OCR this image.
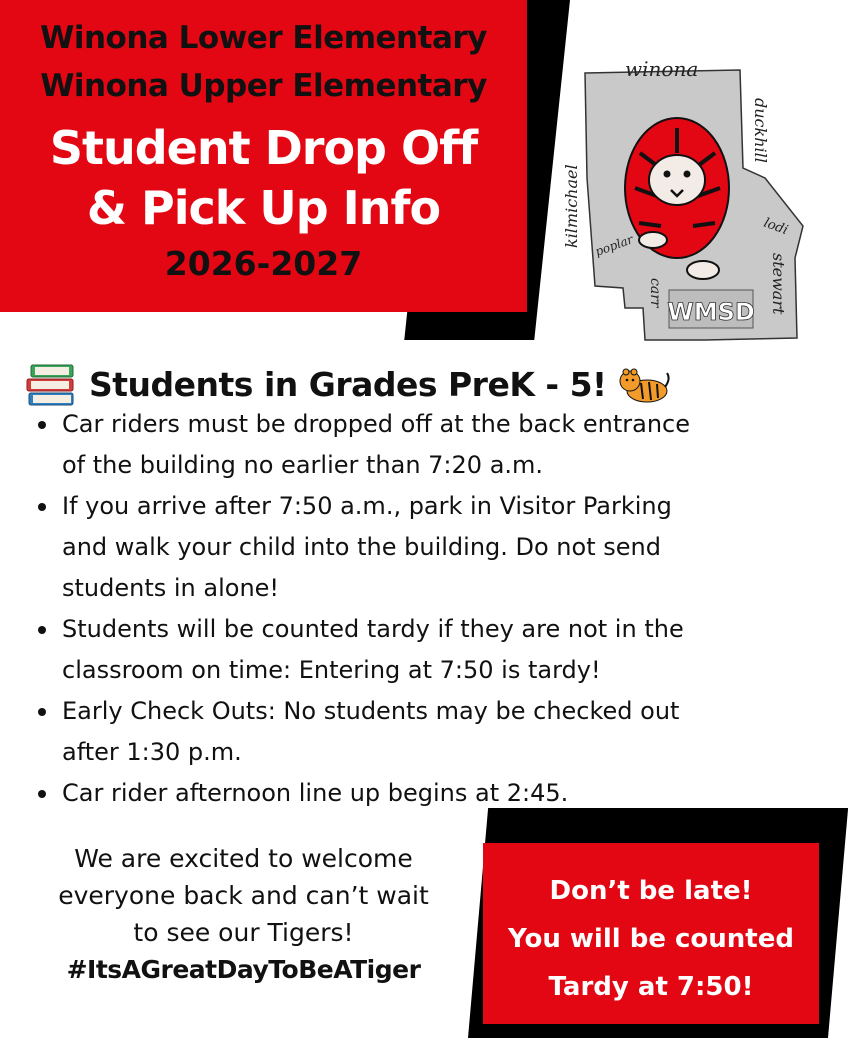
Winona Lower Elementary
Winona Upper Elementary
Student Drop Off
& Pick Up Info
2026-2027
winona
kilmichael
duckhill
lodi
stewart
poplar
carr
WMSD
Students in Grades PreK - 5!
Car riders must be dropped off at the back entrance
of the building no earlier than 7:20 a.m.
If you arrive after 7:50 a.m., park in Visitor Parking
and walk your child into the building. Do not send
students in alone!
Students will be counted tardy if they are not in the
classroom on time: Entering at 7:50 is tardy!
Early Check Outs: No students may be checked out
after 1:30 p.m.
Car rider afternoon line up begins at 2:45.
We are excited to welcome
everyone back and can’t wait
to see our Tigers!
#ItsAGreatDayToBeATiger
Don’t be late!
You will be counted
Tardy at 7:50!
